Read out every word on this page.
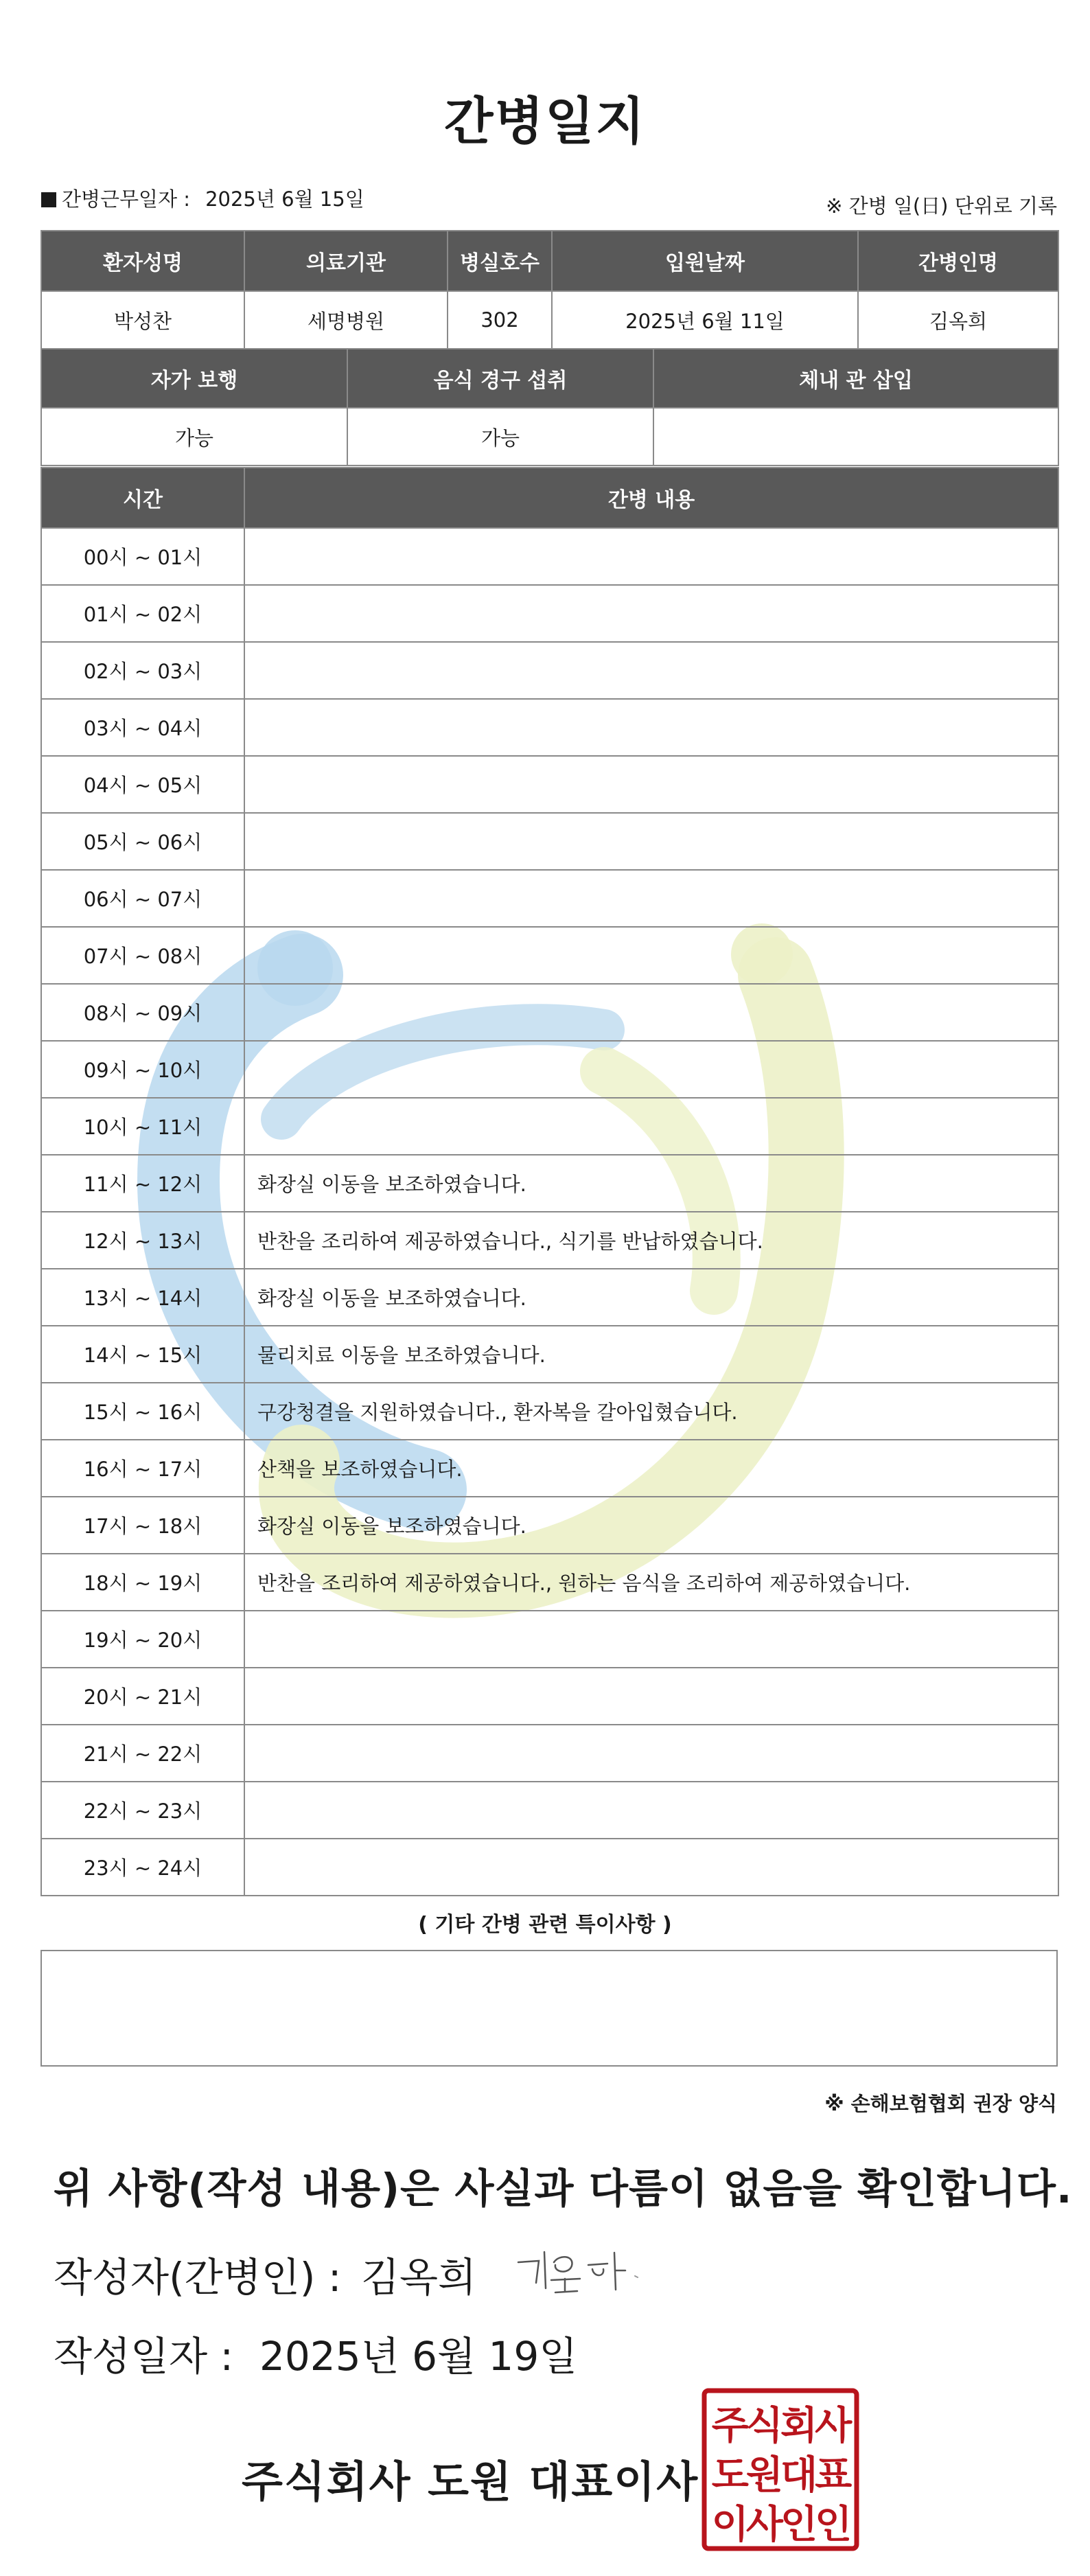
간병일지
간병근무일자 : 2025년 6월 15일	※ 간병 일(日) 단위로 기록
환자성명	의료기관	병실호수	입원날짜	간병인명
박성찬	세명병원	302	2025년 6월 11일	김옥희
자가 보행	음식 경구 섭취	체내 관 삽입
가능	가능	
시간	간병 내용
00시 ~ 01시	
01시 ~ 02시	
02시 ~ 03시	
03시 ~ 04시	
04시 ~ 05시	
05시 ~ 06시	
06시 ~ 07시	
07시 ~ 08시	
08시 ~ 09시	
09시 ~ 10시	
10시 ~ 11시	
11시 ~ 12시	화장실 이동을 보조하였습니다.
12시 ~ 13시	반찬을 조리하여 제공하였습니다., 식기를 반납하였습니다.
13시 ~ 14시	화장실 이동을 보조하였습니다.
14시 ~ 15시	물리치료 이동을 보조하였습니다.
15시 ~ 16시	구강청결을 지원하였습니다., 환자복을 갈아입혔습니다.
16시 ~ 17시	산책을 보조하였습니다.
17시 ~ 18시	화장실 이동을 보조하였습니다.
18시 ~ 19시	반찬을 조리하여 제공하였습니다., 원하는 음식을 조리하여 제공하였습니다.
19시 ~ 20시	
20시 ~ 21시	
21시 ~ 22시	
22시 ~ 23시	
23시 ~ 24시	
( 기타 간병 관련 특이사항 )
※ 손해보험협회 권장 양식
위 사항(작성 내용)은 사실과 다름이 없음을 확인합니다.
작성자(간병인) : 김옥희
작성일자 : 2025년 6월 19일
주식회사 도원 대표이사
주식회사
도원대표
이사인인
